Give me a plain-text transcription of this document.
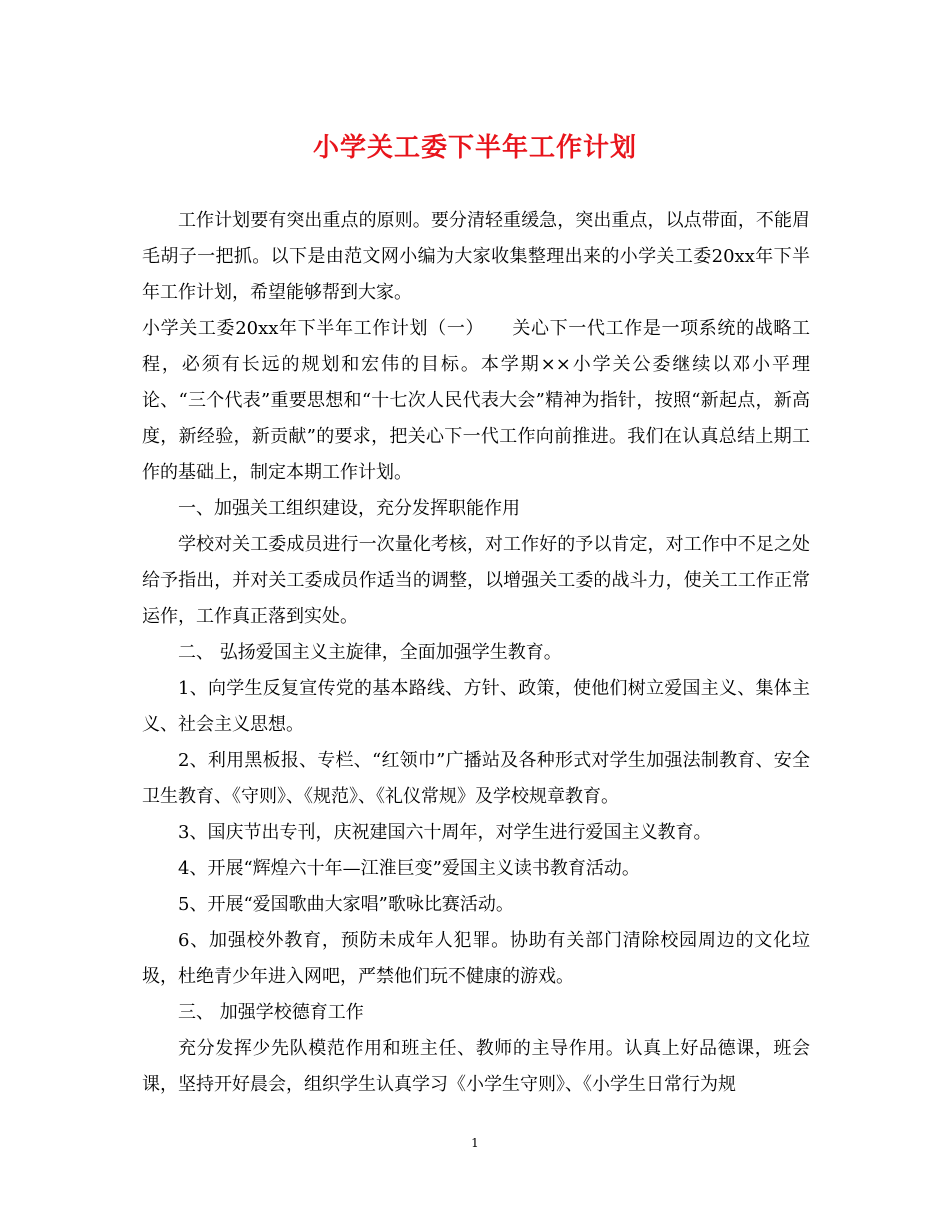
小学关工委下半年工作计划

工作计划要有突出重点的原则。要分清轻重缓急，突出重点，以点带面，不能眉毛胡子一把抓。以下是由范文网小编为大家收集整理出来的小学关工委20xx年下半年工作计划，希望能够帮到大家。

小学关工委20xx年下半年工作计划（一）　　关心下一代工作是一项系统的战略工程，必须有长远的规划和宏伟的目标。本学期××小学关公委继续以邓小平理论、“三个代表”重要思想和“十七次人民代表大会”精神为指针，按照“新起点，新高度，新经验，新贡献”的要求，把关心下一代工作向前推进。我们在认真总结上期工作的基础上，制定本期工作计划。

一、加强关工组织建设，充分发挥职能作用

学校对关工委成员进行一次量化考核，对工作好的予以肯定，对工作中不足之处给予指出，并对关工委成员作适当的调整，以增强关工委的战斗力，使关工工作正常运作，工作真正落到实处。

二、 弘扬爱国主义主旋律，全面加强学生教育。

1、向学生反复宣传党的基本路线、方针、政策，使他们树立爱国主义、集体主义、社会主义思想。

2、利用黑板报、专栏、“红领巾”广播站及各种形式对学生加强法制教育、安全卫生教育、《守则》、《规范》、《礼仪常规》及学校规章教育。

3、国庆节出专刊，庆祝建国六十周年，对学生进行爱国主义教育。

4、开展“辉煌六十年—江淮巨变”爱国主义读书教育活动。

5、开展“爱国歌曲大家唱”歌咏比赛活动。

6、加强校外教育，预防未成年人犯罪。协助有关部门清除校园周边的文化垃圾，杜绝青少年进入网吧，严禁他们玩不健康的游戏。

三、 加强学校德育工作

充分发挥少先队模范作用和班主任、教师的主导作用。认真上好品德课，班会课，坚持开好晨会，组织学生认真学习《小学生守则》、《小学生日常行为规

1
